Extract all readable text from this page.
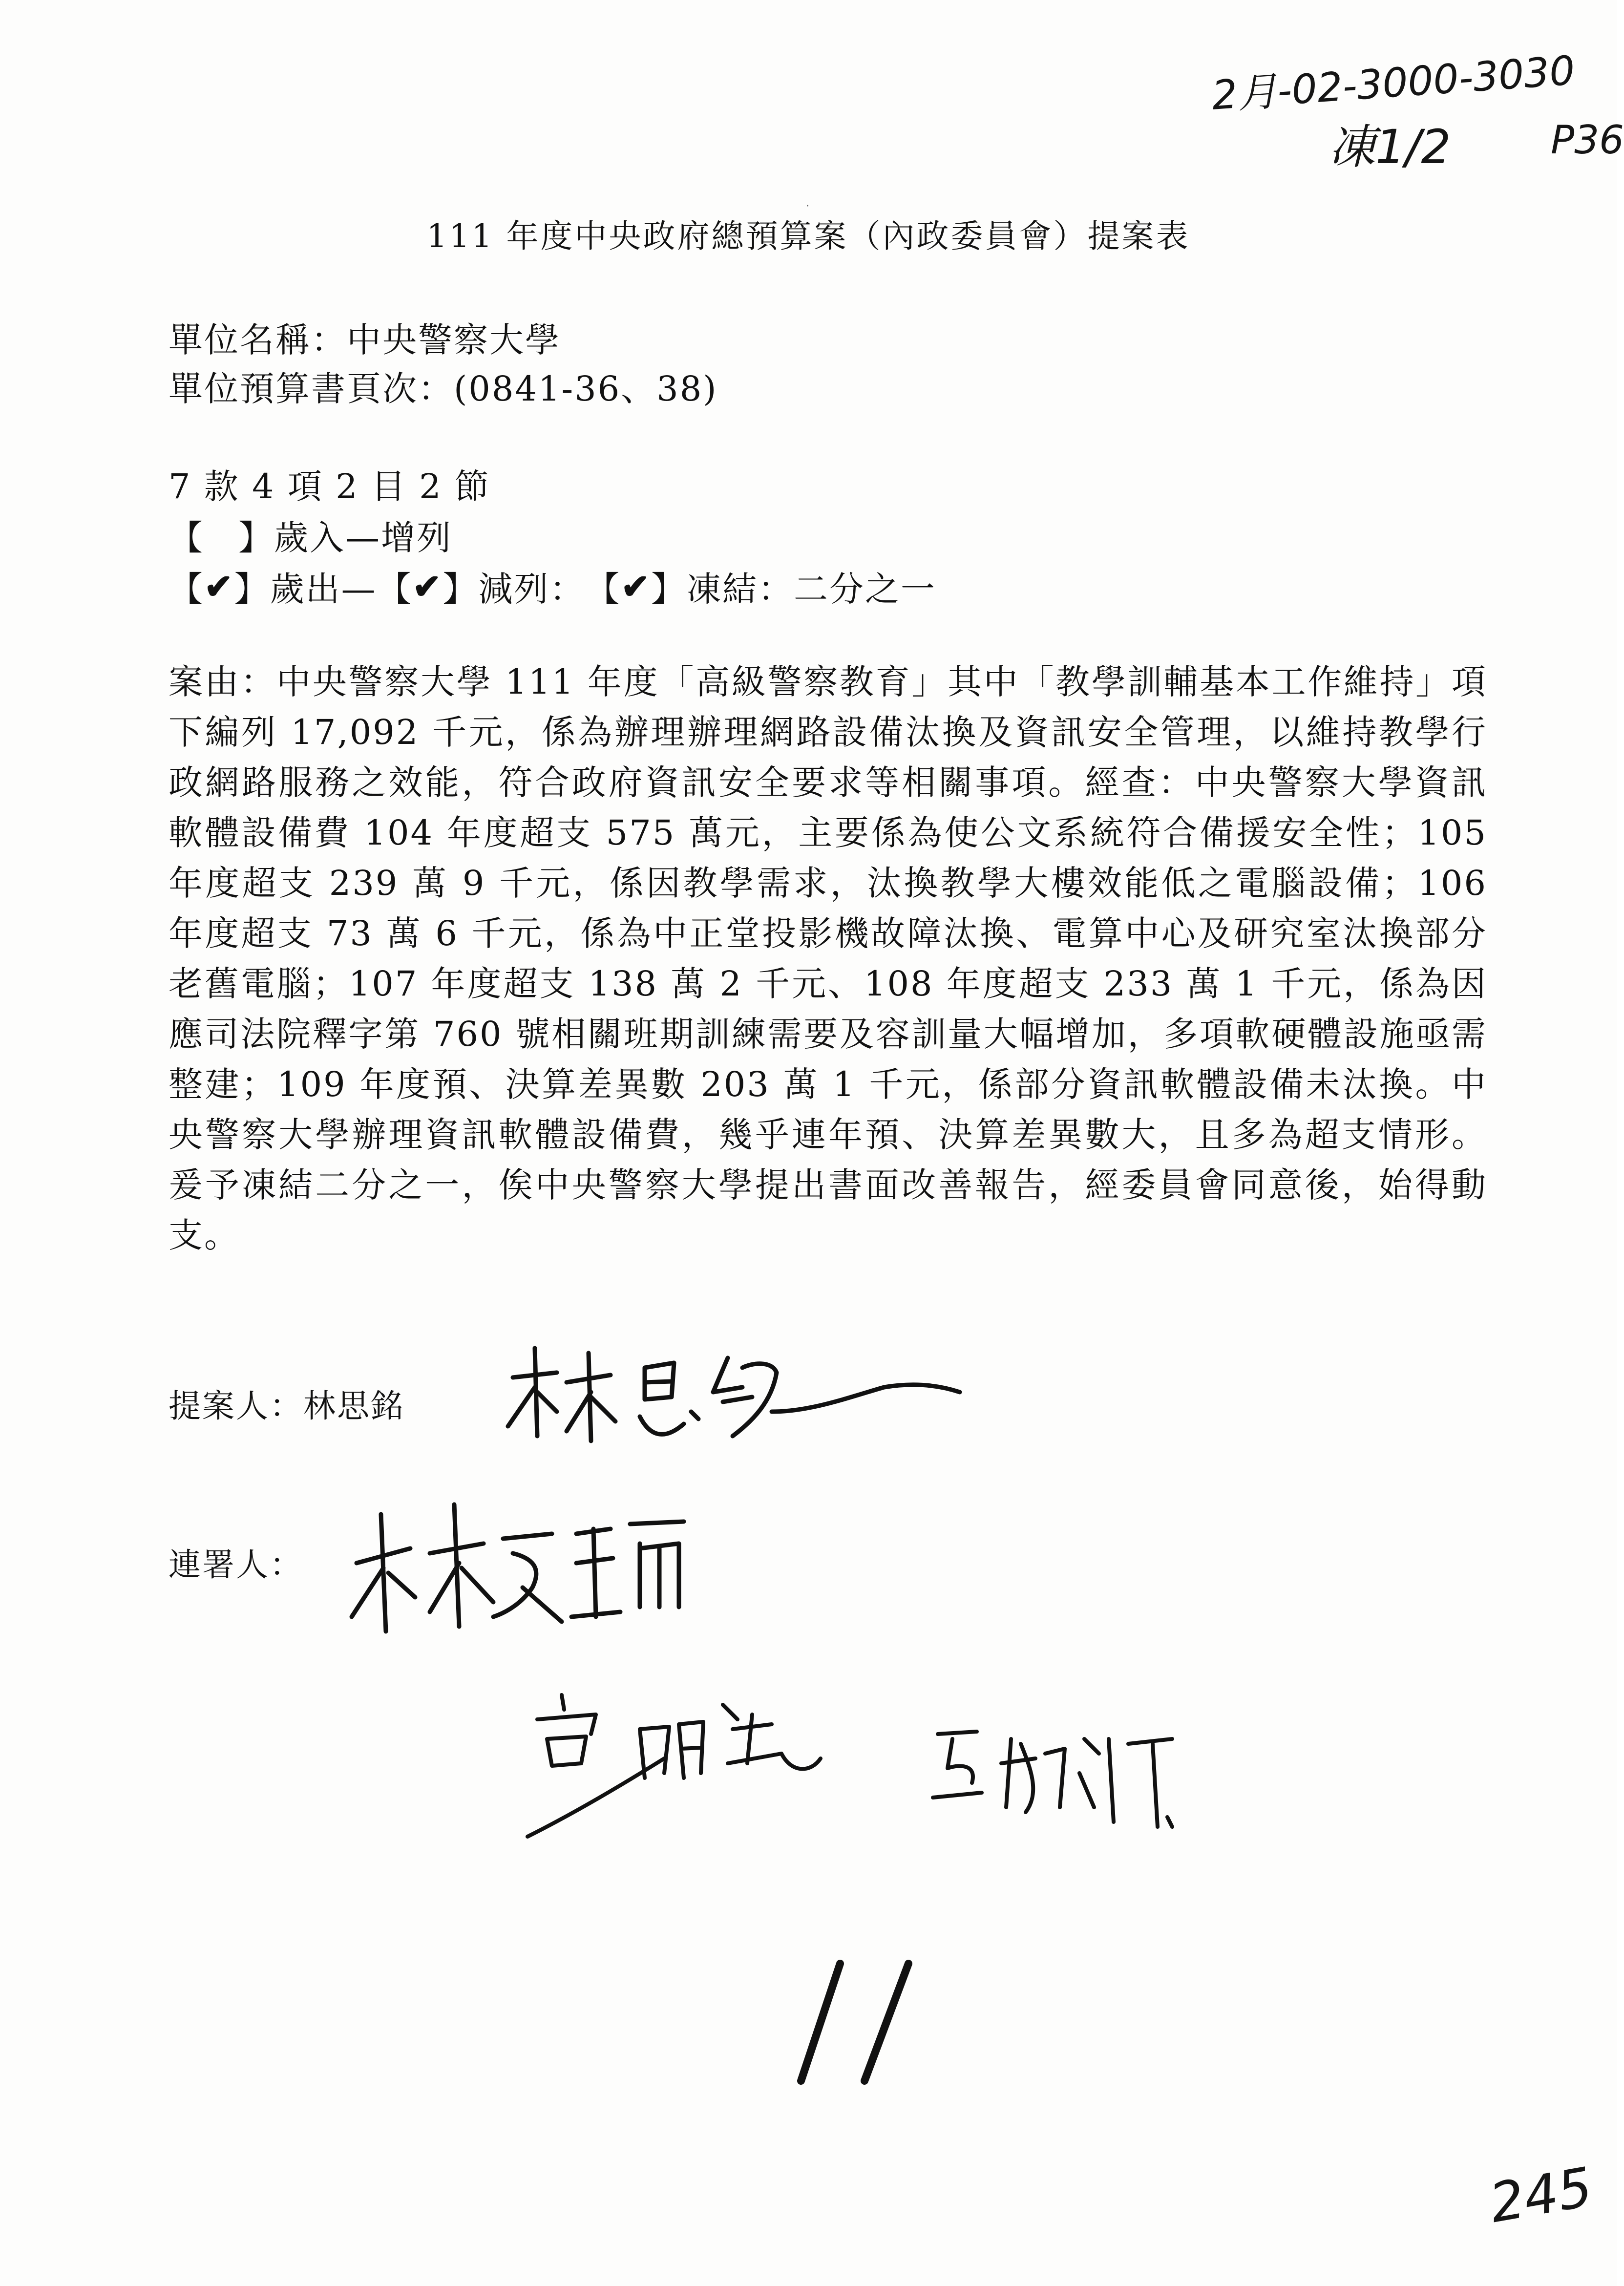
2月-02-3000-3030
凍1/2	P36
111 年度中央政府總預算案（內政委員會）提案表
單位名稱：中央警察大學
單位預算書頁次：(0841-36、38)
7 款 4 項 2 目 2 節
【 】 歲入—增列
【 ✔ 】 歲出— 【 ✔ 】 減列： 【 ✔ 】 凍結： 二分之一
案由：中央警察大學 111 年度「高級警察教育」其中「教學訓輔基本工作維持」項下編列 17,092 千元，係為辦理辦理網路設備汰換及資訊安全管理，以維持教學行政網路服務之效能，符合政府資訊安全要求等相關事項。經查：中央警察大學資訊軟體設備費 104 年度超支 575 萬元，主要係為使公文系統符合備援安全性；105 年度超支 239 萬 9 千元，係因教學需求，汰換教學大樓效能低之電腦設備；106 年度超支 73 萬 6 千元，係為中正堂投影機故障汰換、電算中心及研究室汰換部分老舊電腦；107 年度超支 138 萬 2 千元、108 年度超支 233 萬 1 千元，係為因應司法院釋字第 760 號相關班期訓練需要及容訓量大幅增加，多項軟硬體設施亟需整建；109 年度預、決算差異數 203 萬 1 千元，係部分資訊軟體設備未汰換。中央警察大學辦理資訊軟體設備費，幾乎連年預、決算差異數大，且多為超支情形。爰予凍結二分之一，俟中央警察大學提出書面改善報告，經委員會同意後，始得動支。
提案人：林思銘
連署人：
11
245
·
